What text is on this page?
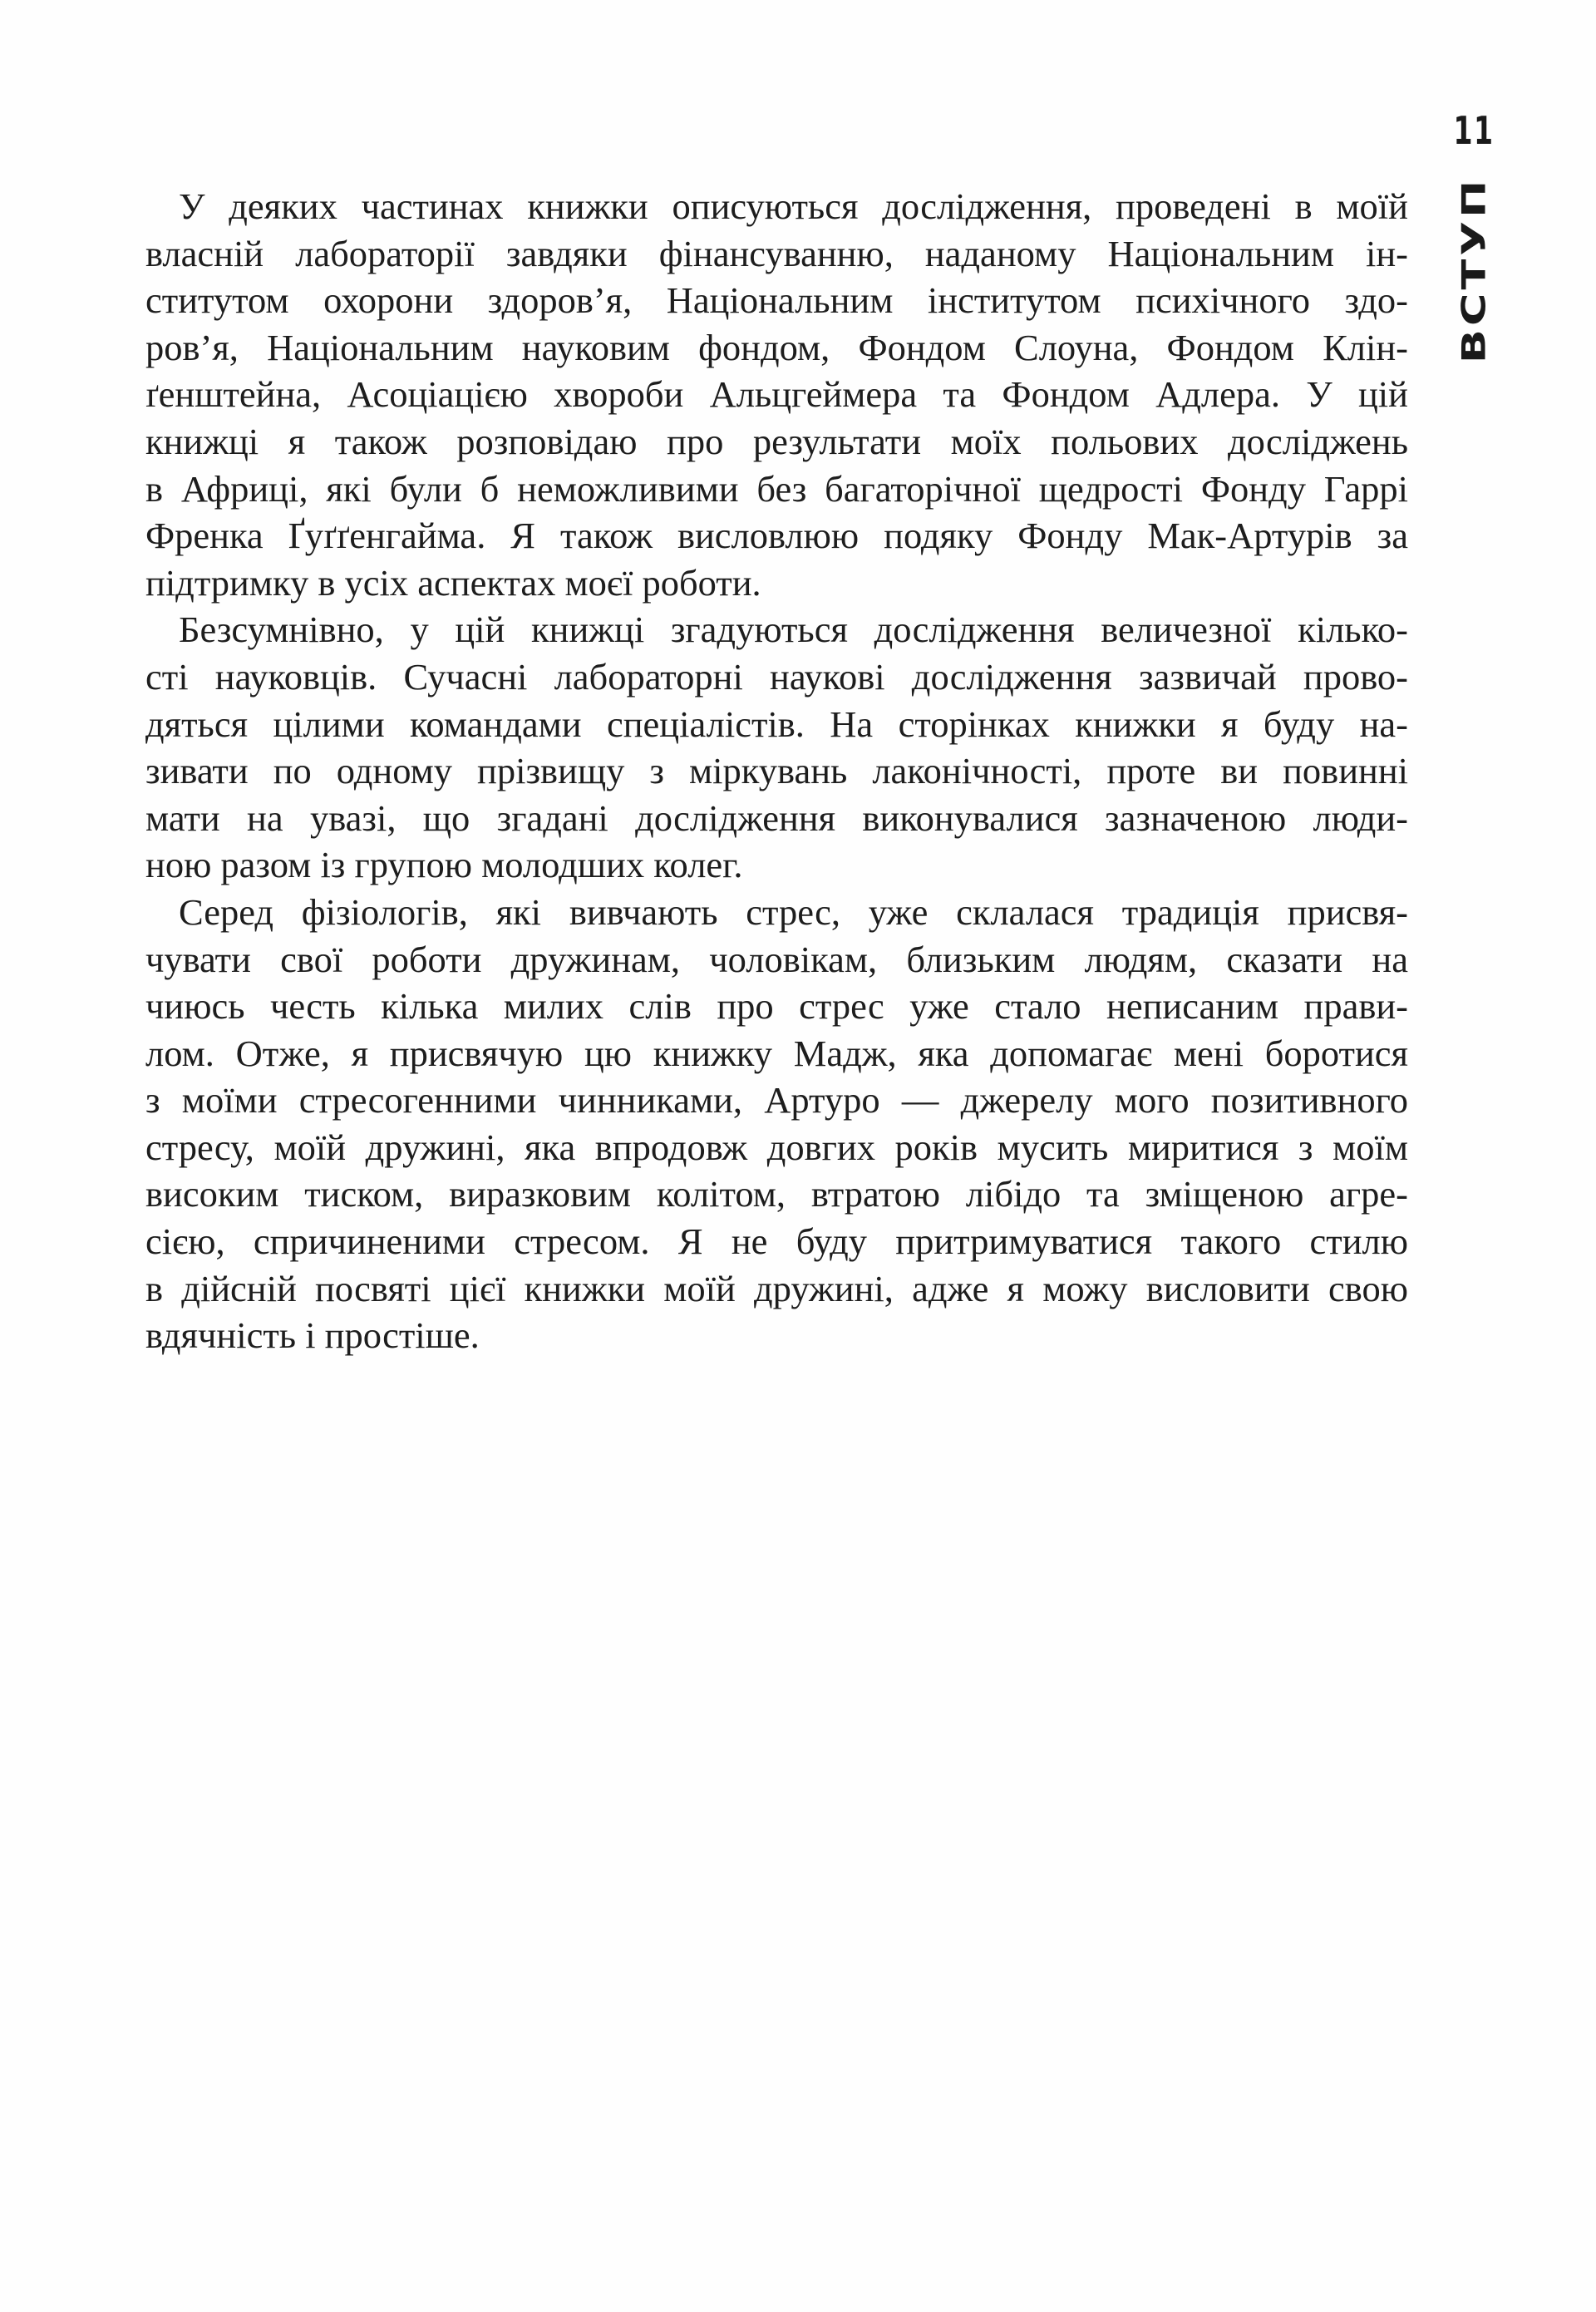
11
ВСТУП
У деяких частинах книжки описуються дослідження, проведені в моїй
власній лабораторії завдяки фінансуванню, наданому Національним ін-
ститутом охорони здоров’я, Національним інститутом психічного здо-
ров’я, Національним науковим фондом, Фондом Слоуна, Фондом Клін-
ґенштейна, Асоціацією хвороби Альцгеймера та Фондом Адлера. У цій
книжці я також розповідаю про результати моїх польових досліджень
в Африці, які були б неможливими без багаторічної щедрості Фонду Гаррі
Френка Ґуґґенгайма. Я також висловлюю подяку Фонду Мак-Артурів за
підтримку в усіх аспектах моєї роботи.
Безсумнівно, у цій книжці згадуються дослідження величезної кілько-
сті науковців. Сучасні лабораторні наукові дослідження зазвичай прово-
дяться цілими командами спеціалістів. На сторінках книжки я буду на-
зивати по одному прізвищу з міркувань лаконічності, проте ви повинні
мати на увазі, що згадані дослідження виконувалися зазначеною люди-
ною разом із групою молодших колег.
Серед фізіологів, які вивчають стрес, уже склалася традиція присвя-
чувати свої роботи дружинам, чоловікам, близьким людям, сказати на
чиюсь честь кілька милих слів про стрес уже стало неписаним прави-
лом. Отже, я присвячую цю книжку Мадж, яка допомагає мені боротися
з моїми стресогенними чинниками, Артуро — джерелу мого позитивного
стресу, моїй дружині, яка впродовж довгих років мусить миритися з моїм
високим тиском, виразковим колітом, втратою лібідо та зміщеною агре-
сією, спричиненими стресом. Я не буду притримуватися такого стилю
в дійсній посвяті цієї книжки моїй дружині, адже я можу висловити свою
вдячність і простіше.
